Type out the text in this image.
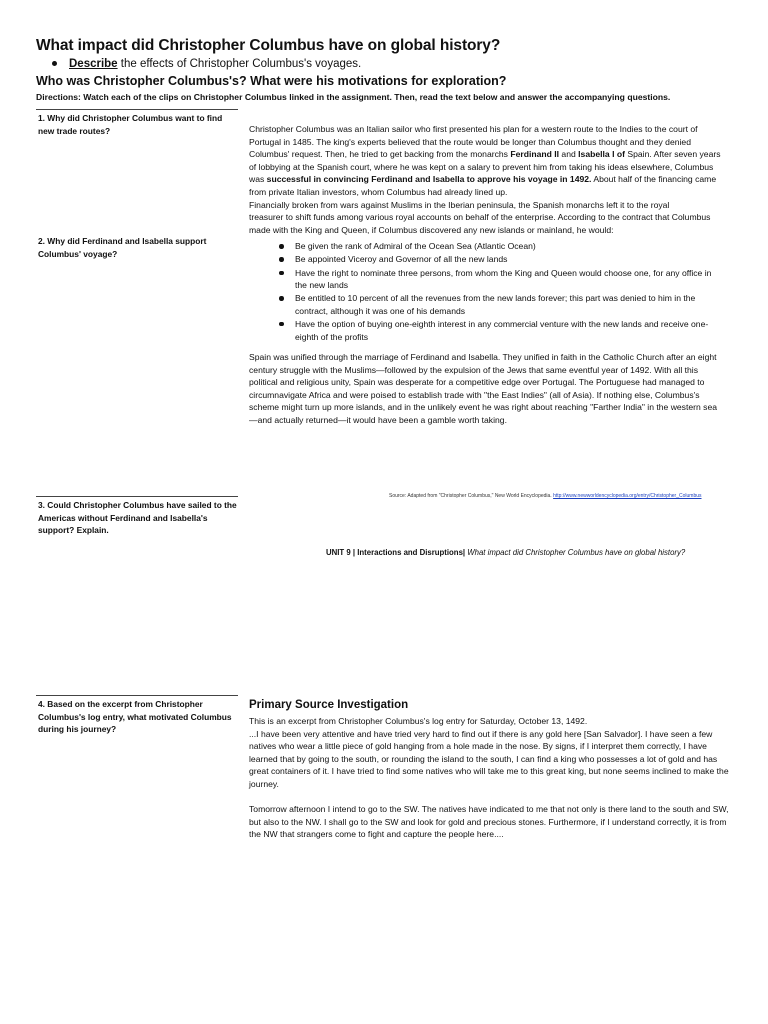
What impact did Christopher Columbus have on global history?
Describe the effects of Christopher Columbus's voyages.
Who was Christopher Columbus's? What were his motivations for exploration?
Directions: Watch each of the clips on Christopher Columbus linked in the assignment. Then, read the text below and answer the accompanying questions.
1. Why did Christopher Columbus want to find new trade routes?
2. Why did Ferdinand and Isabella support Columbus' voyage?
3. Could Christopher Columbus have sailed to the Americas without Ferdinand and Isabella's support? Explain.
4. Based on the excerpt from Christopher Columbus's log entry, what motivated Columbus during his journey?

Christopher Columbus was an Italian sailor who first presented his plan for a western route to the Indies to the court of Portugal in 1485. The king's experts believed that the route would be longer than Columbus thought and they denied Columbus' request. Then, he tried to get backing from the monarchs Ferdinand II and Isabella I of Spain. After seven years of lobbying at the Spanish court, where he was kept on a salary to prevent him from taking his ideas elsewhere, Columbus was successful in convincing Ferdinand and Isabella to approve his voyage in 1492. About half of the financing came from private Italian investors, whom Columbus had already lined up.

Financially broken from wars against Muslims in the Iberian peninsula, the Spanish monarchs left it to the royal

treasurer to shift funds among various royal accounts on behalf of the enterprise. According to the contract that Columbus made with the King and Queen, if Columbus discovered any new islands or mainland, he would:

Be given the rank of Admiral of the Ocean Sea (Atlantic Ocean)
Be appointed Viceroy and Governor of all the new lands
Have the right to nominate three persons, from whom the King and Queen would choose one, for any office in the new lands
Be entitled to 10 percent of all the revenues from the new lands forever; this part was denied to him in the contract, although it was one of his demands
Have the option of buying one-eighth interest in any commercial venture with the new lands and receive one-eighth of the profits

Spain was unified through the marriage of Ferdinand and Isabella. They unified in faith in the Catholic Church after an eight century struggle with the Muslims—followed by the expulsion of the Jews that same eventful year of 1492. With all this political and religious unity, Spain was desperate for a competitive edge over Portugal. The Portuguese had managed to circumnavigate Africa and were poised to establish trade with "the East Indies" (all of Asia). If nothing else, Columbus's scheme might turn up more islands, and in the unlikely event he was right about reaching "Farther India" in the western sea—and actually returned—it would have been a gamble worth taking.

Source: Adapted from "Christopher Columbus," New World Encyclopedia. http://www.newworldencyclopedia.org/entry/Christopher_Columbus
UNIT 9 | Interactions and Disruptions| What impact did Christopher Columbus have on global history?
Primary Source Investigation

This is an excerpt from Christopher Columbus's log entry for Saturday, October 13, 1492.

...I have been very attentive and have tried very hard to find out if there is any gold here [San Salvador]. I have seen a few natives who wear a little piece of gold hanging from a hole made in the nose. By signs, if I interpret them correctly, I have learned that by going to the south, or rounding the island to the south, I can find a king who possesses a lot of gold and has great containers of it. I have tried to find some natives who will take me to this great king, but none seems inclined to make the journey.

Tomorrow afternoon I intend to go to the SW. The natives have indicated to me that not only is there land to the south and SW, but also to the NW. I shall go to the SW and look for gold and precious stones. Furthermore, if I understand correctly, it is from the NW that strangers come to fight and capture the people here....
